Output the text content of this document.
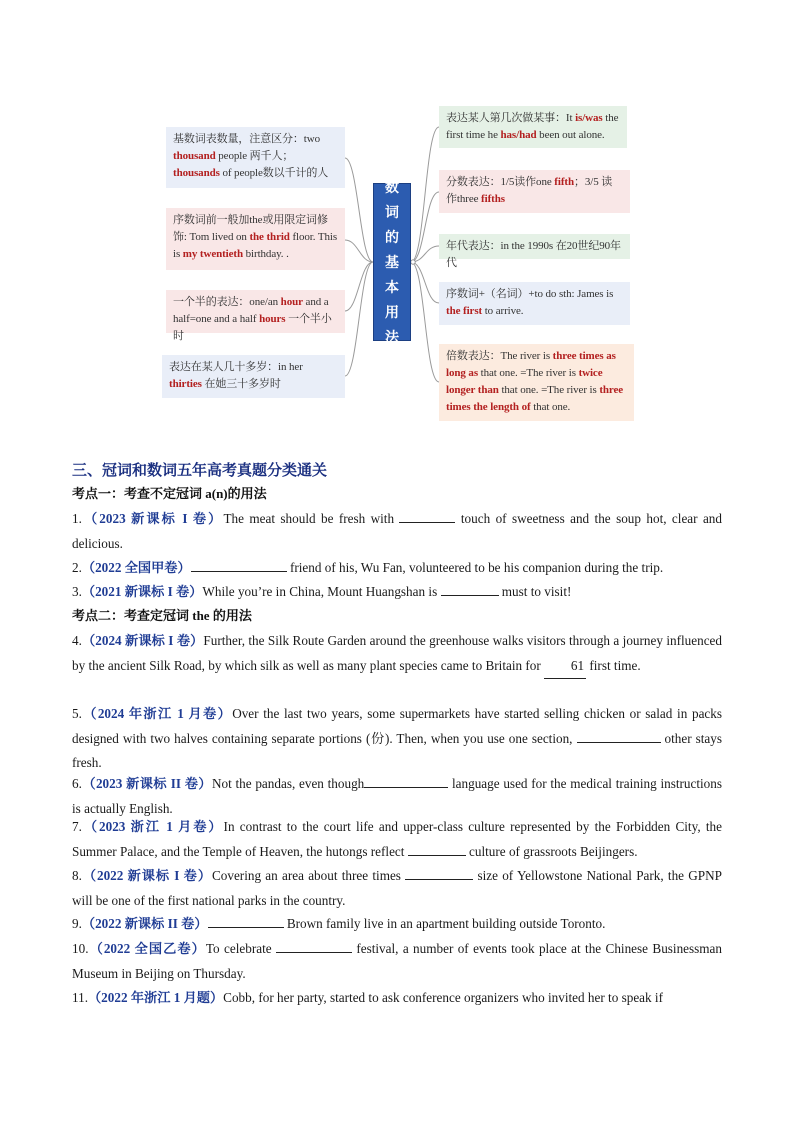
数
词
的
基
本
用
法
基数词表数量，注意区分：two thousand people 两千人；thousands of people数以千计的人
序数词前一般加the或用限定词修饰: Tom lived on the thrid floor. This is my twentieth birthday. .
一个半的表达：one/an hour and a half=one and a half hours 一个半小时
表达在某人几十多岁：in her thirties 在她三十多岁时
表达某人第几次做某事：It is/was the first time he has/had been out alone.
分数表达：1/5读作one fifth；3/5 读作three fifths
年代表达：in the 1990s 在20世纪90年代
序数词+（名词）+to do sth: James is the first to arrive.
倍数表达：The river is three times as long as that one. =The river is twice longer than that one. =The river is three times the length of that one.
三、冠词和数词五年高考真题分类通关
考点一：考查不定冠词 a(n)的用法
1.（2023 新课标 I 卷）The meat should be fresh with	touch of sweetness and the soup hot, clear and delicious.
2.（2022 全国甲卷）	friend of his, Wu Fan, volunteered to be his companion during the trip.
3.（2021 新课标 I 卷）While you’re in China, Mount Huangshan is	must to visit!
考点二：考查定冠词 the 的用法
4.（2024 新课标 I 卷）Further, the Silk Route Garden around the greenhouse walks visitors through a journey influenced by the ancient Silk Road, by which silk as well as many plant species came to Britain for 61 first time.
5.（2024 年浙江 1 月卷）Over the last two years, some supermarkets have started selling chicken or salad in packs designed with two halves containing separate portions (份). Then, when you use one section,	other stays fresh.
6.（2023 新课标 II 卷）Not the pandas, even though	language used for the medical training instructions is actually English.
7.（2023 浙江 1 月卷）In contrast to the court life and upper-class culture represented by the Forbidden City, the Summer Palace, and the Temple of Heaven, the hutongs reflect	culture of grassroots Beijingers.
8.（2022 新课标 I 卷）Covering an area about three times	size of Yellowstone National Park, the GPNP will be one of the first national parks in the country.
9.（2022 新课标 II 卷）	Brown family live in an apartment building outside Toronto.
10.（2022 全国乙卷）To celebrate	festival, a number of events took place at the Chinese Businessman Museum in Beijing on Thursday.
11.（2022 年浙江 1 月题）Cobb, for her party, started to ask conference organizers who invited her to speak if
